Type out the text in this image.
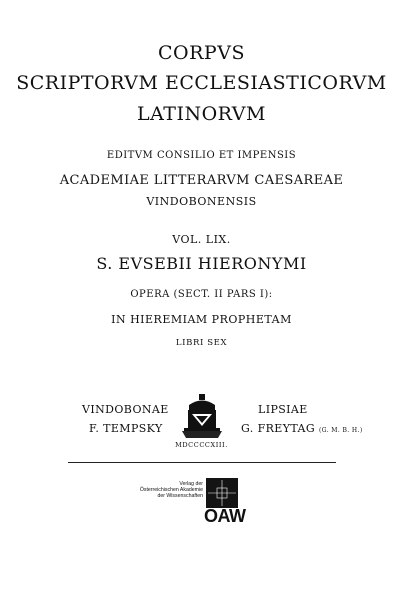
CORPVS
SCRIPTORVM ECCLESIASTICORVM
LATINORVM
EDITVM CONSILIO ET IMPENSIS
ACADEMIAE LITTERARVM CAESAREAE
VINDOBONENSIS
VOL. LIX.
S. EVSEBII HIERONYMI
OPERA (SECT. II PARS I):
IN HIEREMIAM PROPHETAM
LIBRI SEX
VINDOBONAE
F. TEMPSKY
LIPSIAE
G. FREYTAG (G. M. B. H.)
MDCCCCXIII.
Verlag der
Österreichischen Akademie
der Wissenschaften
ÖAW
